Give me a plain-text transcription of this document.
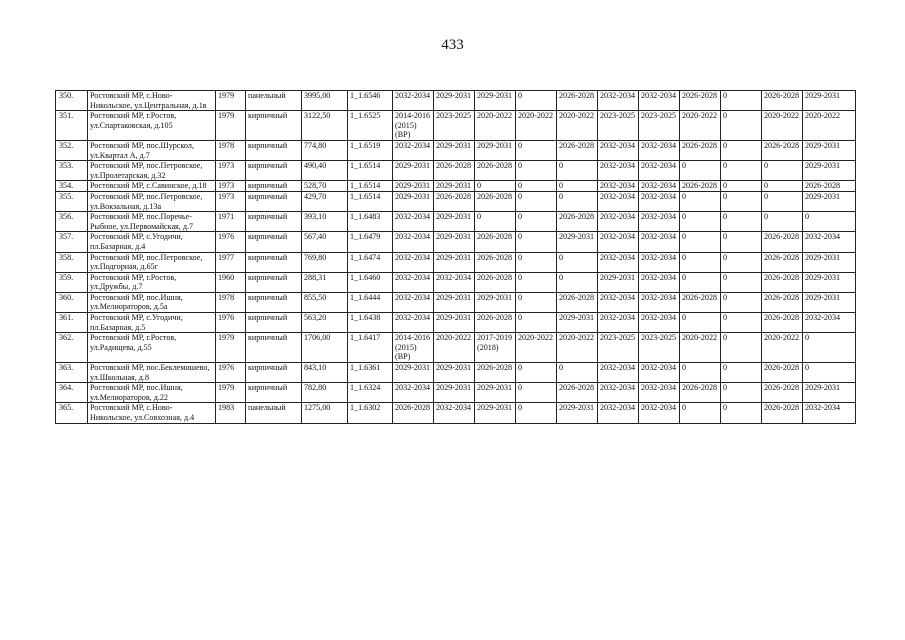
433
350.	Ростовский МР, с.Ново-Никольское, ул.Центральная, д.1в	1979	панельный	3995,00	1_1.6546	2032-2034	2029-2031	2029-2031	0	2026-2028	2032-2034	2032-2034	2026-2028	0	2026-2028	2029-2031
351.	Ростовский МР, г.Ростов, ул.Спартаковская, д.105	1979	кирпичный	3122,50	1_1.6525	2014-2016 (2015) (ВР)	2023-2025	2020-2022	2020-2022	2020-2022	2023-2025	2023-2025	2020-2022	0	2020-2022	2020-2022
352.	Ростовский МР, пос.Шурскол, ул.Квартал А, д.7	1978	кирпичный	774,80	1_1.6519	2032-2034	2029-2031	2029-2031	0	2026-2028	2032-2034	2032-2034	2026-2028	0	2026-2028	2029-2031
353.	Ростовский МР, пос.Петровское, ул.Пролетарская, д.32	1973	кирпичный	490,40	1_1.6514	2029-2031	2026-2028	2026-2028	0	0	2032-2034	2032-2034	0	0	0	2029-2031
354.	Ростовский МР, с.Савинское, д.18	1973	кирпичный	528,70	1_1.6514	2029-2031	2029-2031	0	0	0	2032-2034	2032-2034	2026-2028	0	0	2026-2028
355.	Ростовский МР, пос.Петровское, ул.Вокзальная, д.13а	1973	кирпичный	429,70	1_1.6514	2029-2031	2026-2028	2026-2028	0	0	2032-2034	2032-2034	0	0	0	2029-2031
356.	Ростовский МР, пос.Поречье-Рыбное, ул.Первомайская, д.7	1971	кирпичный	393,10	1_1.6483	2032-2034	2029-2031	0	0	2026-2028	2032-2034	2032-2034	0	0	0	0
357.	Ростовский МР, с.Угодичи, пл.Базарная, д.4	1976	кирпичный	567,40	1_1.6479	2032-2034	2029-2031	2026-2028	0	2029-2031	2032-2034	2032-2034	0	0	2026-2028	2032-2034
358.	Ростовский МР, пос.Петровское, ул.Подгорная, д.65г	1977	кирпичный	769,80	1_1.6474	2032-2034	2029-2031	2026-2028	0	0	2032-2034	2032-2034	0	0	2026-2028	2029-2031
359.	Ростовский МР, г.Ростов, ул.Дружбы, д.7	1960	кирпичный	288,31	1_1.6460	2032-2034	2032-2034	2026-2028	0	0	2029-2031	2032-2034	0	0	2026-2028	2029-2031
360.	Ростовский МР, пос.Ишня, ул.Мелиораторов, д.5а	1978	кирпичный	855,50	1_1.6444	2032-2034	2029-2031	2029-2031	0	2026-2028	2032-2034	2032-2034	2026-2028	0	2026-2028	2029-2031
361.	Ростовский МР, с.Угодичи, пл.Базарная, д.5	1976	кирпичный	563,20	1_1.6438	2032-2034	2029-2031	2026-2028	0	2029-2031	2032-2034	2032-2034	0	0	2026-2028	2032-2034
362.	Ростовский МР, г.Ростов, ул.Радищева, д.55	1979	кирпичный	1706,00	1_1.6417	2014-2016 (2015) (ВР)	2020-2022	2017-2019 (2018)	2020-2022	2020-2022	2023-2025	2023-2025	2020-2022	0	2020-2022	0
363.	Ростовский МР, пос.Беклемишево, ул.Школьная, д.8	1976	кирпичный	843,10	1_1.6361	2029-2031	2029-2031	2026-2028	0	0	2032-2034	2032-2034	0	0	2026-2028	0
364.	Ростовский МР, пос.Ишня, ул.Мелиораторов, д.22	1979	кирпичный	782,80	1_1.6324	2032-2034	2029-2031	2029-2031	0	2026-2028	2032-2034	2032-2034	2026-2028	0	2026-2028	2029-2031
365.	Ростовский МР, с.Ново-Никольское, ул.Совхозная, д.4	1983	панельный	1275,00	1_1.6302	2026-2028	2032-2034	2029-2031	0	2029-2031	2032-2034	2032-2034	0	0	2026-2028	2032-2034
